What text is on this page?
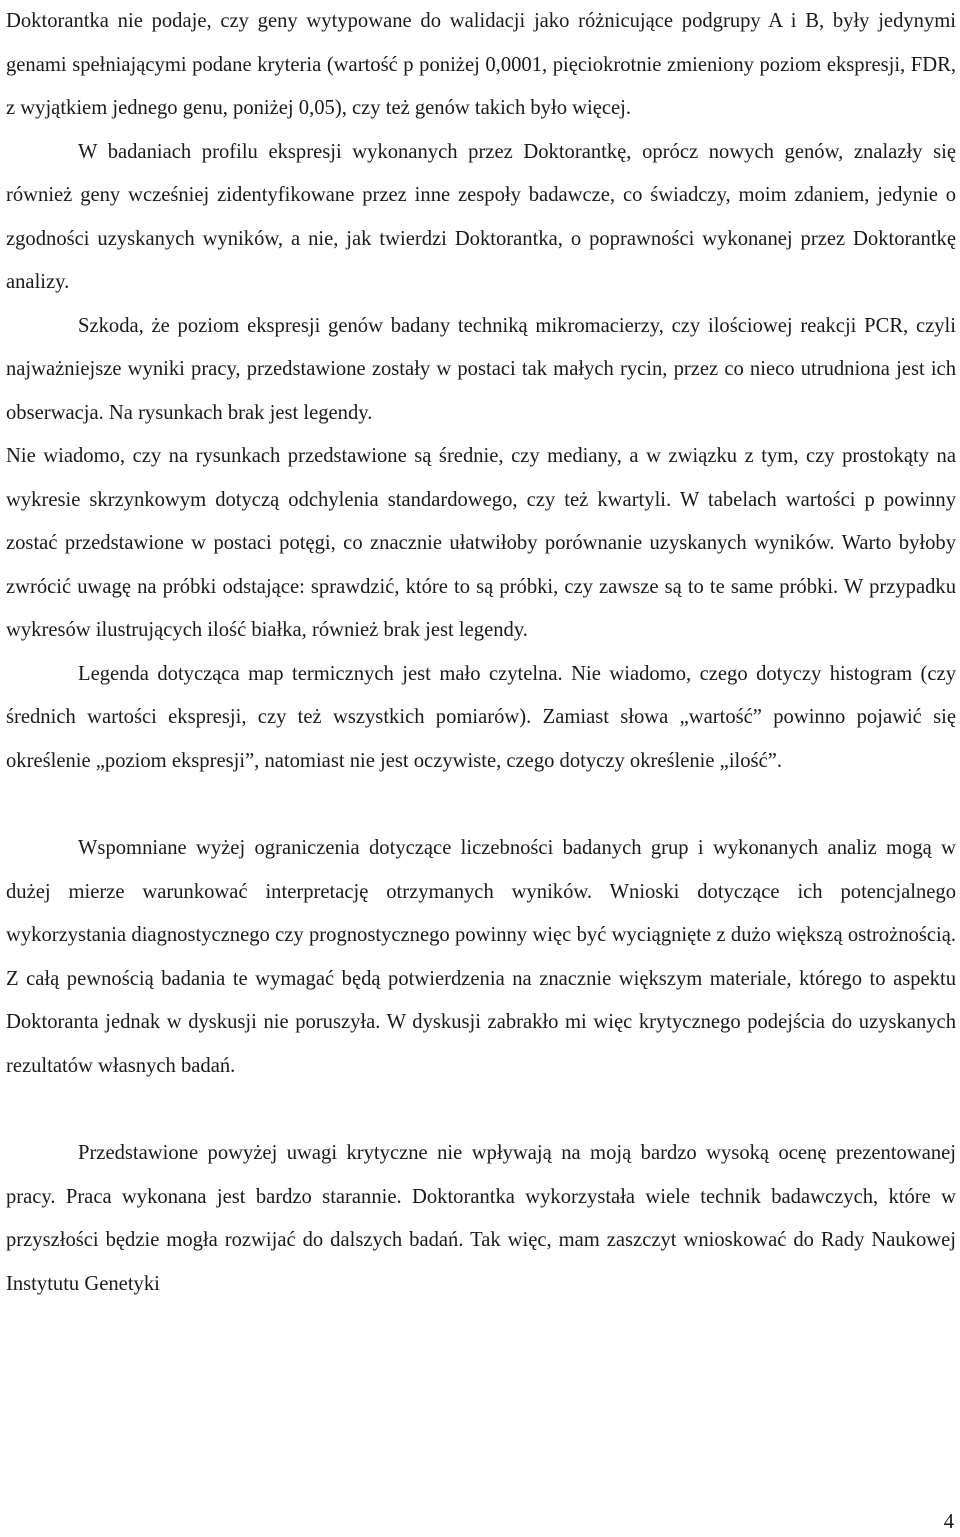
Doktorantka nie podaje, czy geny wytypowane do walidacji jako różnicujące podgrupy A i B, były jedynymi genami spełniającymi podane kryteria (wartość p poniżej 0,0001, pięciokrotnie zmieniony poziom ekspresji, FDR, z wyjątkiem jednego genu, poniżej 0,05), czy też genów takich było więcej.

W badaniach profilu ekspresji wykonanych przez Doktorantkę, oprócz nowych genów, znalazły się również geny wcześniej zidentyfikowane przez inne zespoły badawcze, co świadczy, moim zdaniem, jedynie o zgodności uzyskanych wyników, a nie, jak twierdzi Doktorantka, o poprawności wykonanej przez Doktorantkę analizy.

Szkoda, że poziom ekspresji genów badany techniką mikromacierzy, czy ilościowej reakcji PCR, czyli najważniejsze wyniki pracy, przedstawione zostały w postaci tak małych rycin, przez co nieco utrudniona jest ich obserwacja. Na rysunkach brak jest legendy.

Nie wiadomo, czy na rysunkach przedstawione są średnie, czy mediany, a w związku z tym, czy prostokąty na wykresie skrzynkowym dotyczą odchylenia standardowego, czy też kwartyli. W tabelach wartości p powinny zostać przedstawione w postaci potęgi, co znacznie ułatwiłoby porównanie uzyskanych wyników. Warto byłoby zwrócić uwagę na próbki odstające: sprawdzić, które to są próbki, czy zawsze są to te same próbki. W przypadku wykresów ilustrujących ilość białka, również brak jest legendy.

Legenda dotycząca map termicznych jest mało czytelna. Nie wiadomo, czego dotyczy histogram (czy średnich wartości ekspresji, czy też wszystkich pomiarów). Zamiast słowa „wartość” powinno pojawić się określenie „poziom ekspresji”, natomiast nie jest oczywiste, czego dotyczy określenie „ilość”.

Wspomniane wyżej ograniczenia dotyczące liczebności badanych grup i wykonanych analiz mogą w dużej mierze warunkować interpretację otrzymanych wyników. Wnioski dotyczące ich potencjalnego wykorzystania diagnostycznego czy prognostycznego powinny więc być wyciągnięte z dużo większą ostrożnością. Z całą pewnością badania te wymagać będą potwierdzenia na znacznie większym materiale, którego to aspektu Doktoranta jednak w dyskusji nie poruszyła. W dyskusji zabrakło mi więc krytycznego podejścia do uzyskanych rezultatów własnych badań.

Przedstawione powyżej uwagi krytyczne nie wpływają na moją bardzo wysoką ocenę prezentowanej pracy. Praca wykonana jest bardzo starannie. Doktorantka wykorzystała wiele technik badawczych, które w przyszłości będzie mogła rozwijać do dalszych badań. Tak więc, mam zaszczyt wnioskować do Rady Naukowej Instytutu Genetyki

4
